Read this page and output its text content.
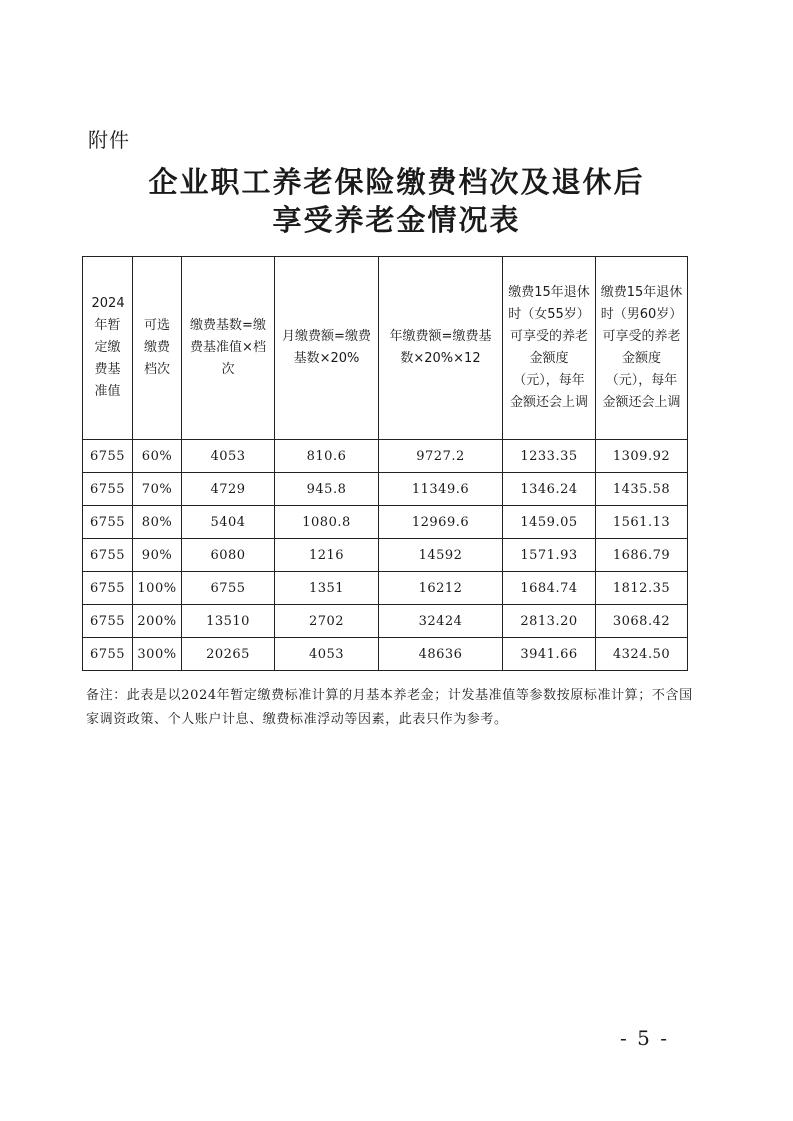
附件
企业职工养老保险缴费档次及退休后
享受养老金情况表
2024年暂定缴费基准值	可选缴费档次	缴费基数=缴费基准值×档次	月缴费额=缴费基数×20%	年缴费额=缴费基数×20%×12	缴费15年退休时（女55岁）可享受的养老金额度（元），每年金额还会上调	缴费15年退休时（男60岁）可享受的养老金额度（元），每年金额还会上调

6755	60%	4053	810.6	9727.2	1233.35	1309.92
6755	70%	4729	945.8	11349.6	1346.24	1435.58
6755	80%	5404	1080.8	12969.6	1459.05	1561.13
6755	90%	6080	1216	14592	1571.93	1686.79
6755	100%	6755	1351	16212	1684.74	1812.35
6755	200%	13510	2702	32424	2813.20	3068.42
6755	300%	20265	4053	48636	3941.66	4324.50
备注：此表是以2024年暂定缴费标准计算的月基本养老金；计发基准值等参数按原标准计算；不含国家调资政策、个人账户计息、缴费标准浮动等因素，此表只作为参考。
- 5 -
